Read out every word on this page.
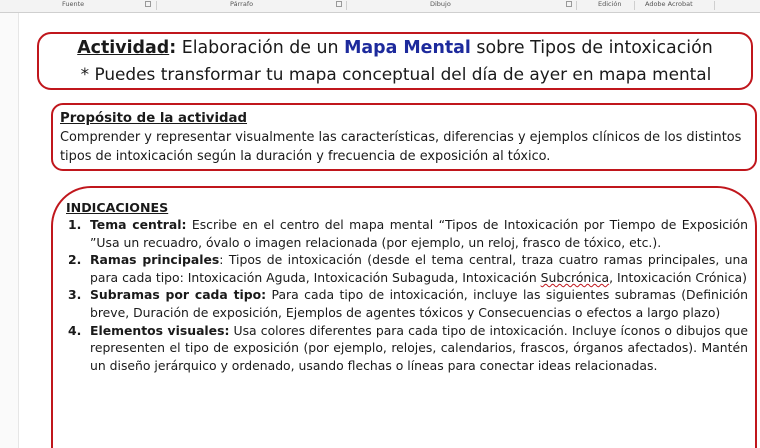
Fuente	Párrafo	Dibujo	Edición	Adobe Acrobat
Actividad: Elaboración de un Mapa Mental sobre Tipos de intoxicación
* Puedes transformar tu mapa conceptual del día de ayer en mapa mental
Propósito de la actividad
Comprender y representar visualmente las características, diferencias y ejemplos clínicos de los distintos tipos de intoxicación según la duración y frecuencia de exposición al tóxico.
INDICACIONES
1. Tema central: Escribe en el centro del mapa mental “Tipos de Intoxicación por Tiempo de Exposición ”Usa un recuadro, óvalo o imagen relacionada (por ejemplo, un reloj, frasco de tóxico, etc.).
2. Ramas principales: Tipos de intoxicación (desde el tema central, traza cuatro ramas principales, una para cada tipo: Intoxicación Aguda, Intoxicación Subaguda, Intoxicación Subcrónica, Intoxicación Crónica)
3. Subramas por cada tipo: Para cada tipo de intoxicación, incluye las siguientes subramas (Definición breve, Duración de exposición, Ejemplos de agentes tóxicos y Consecuencias o efectos a largo plazo)
4. Elementos visuales: Usa colores diferentes para cada tipo de intoxicación. Incluye íconos o dibujos que representen el tipo de exposición (por ejemplo, relojes, calendarios, frascos, órganos afectados). Mantén un diseño jerárquico y ordenado, usando flechas o líneas para conectar ideas relacionadas.
